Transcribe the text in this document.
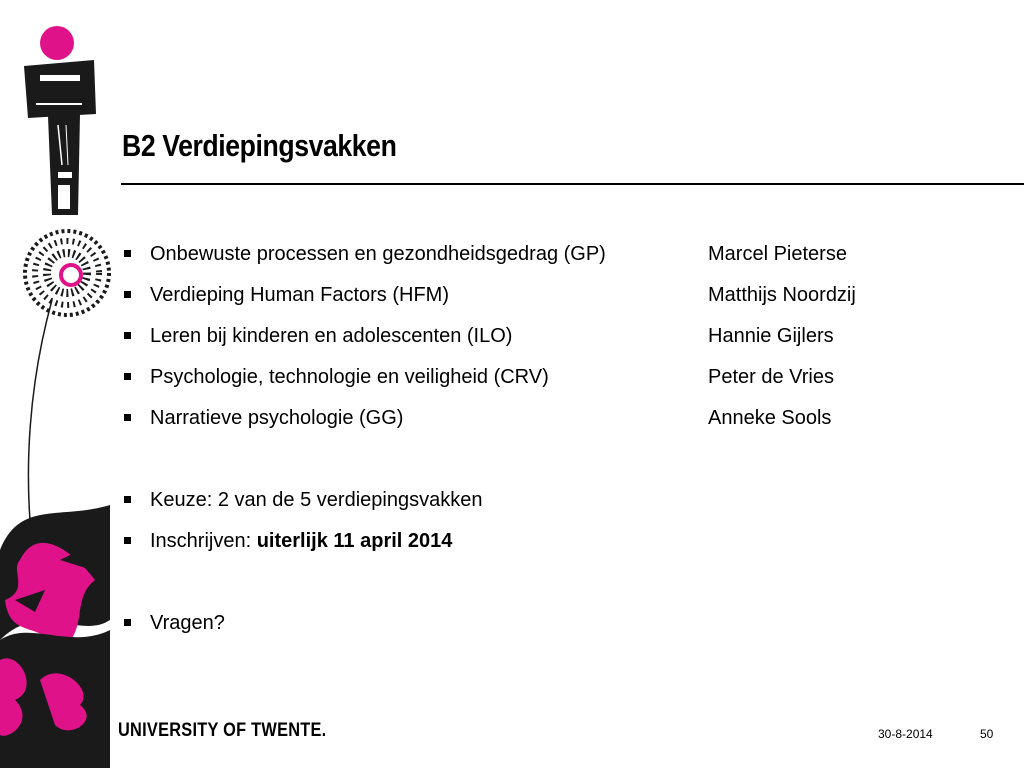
B2 Verdiepingsvakken
Onbewuste processen en gezondheidsgedrag (GP)	Marcel Pieterse
Verdieping Human Factors (HFM)	Matthijs Noordzij
Leren bij kinderen en adolescenten (ILO)	Hannie Gijlers
Psychologie, technologie en veiligheid (CRV)	Peter de Vries
Narratieve psychologie (GG)	Anneke Sools
Keuze: 2 van de 5 verdiepingsvakken
Inschrijven: uiterlijk 11 april 2014
Vragen?
UNIVERSITY OF TWENTE.	30-8-2014	50
